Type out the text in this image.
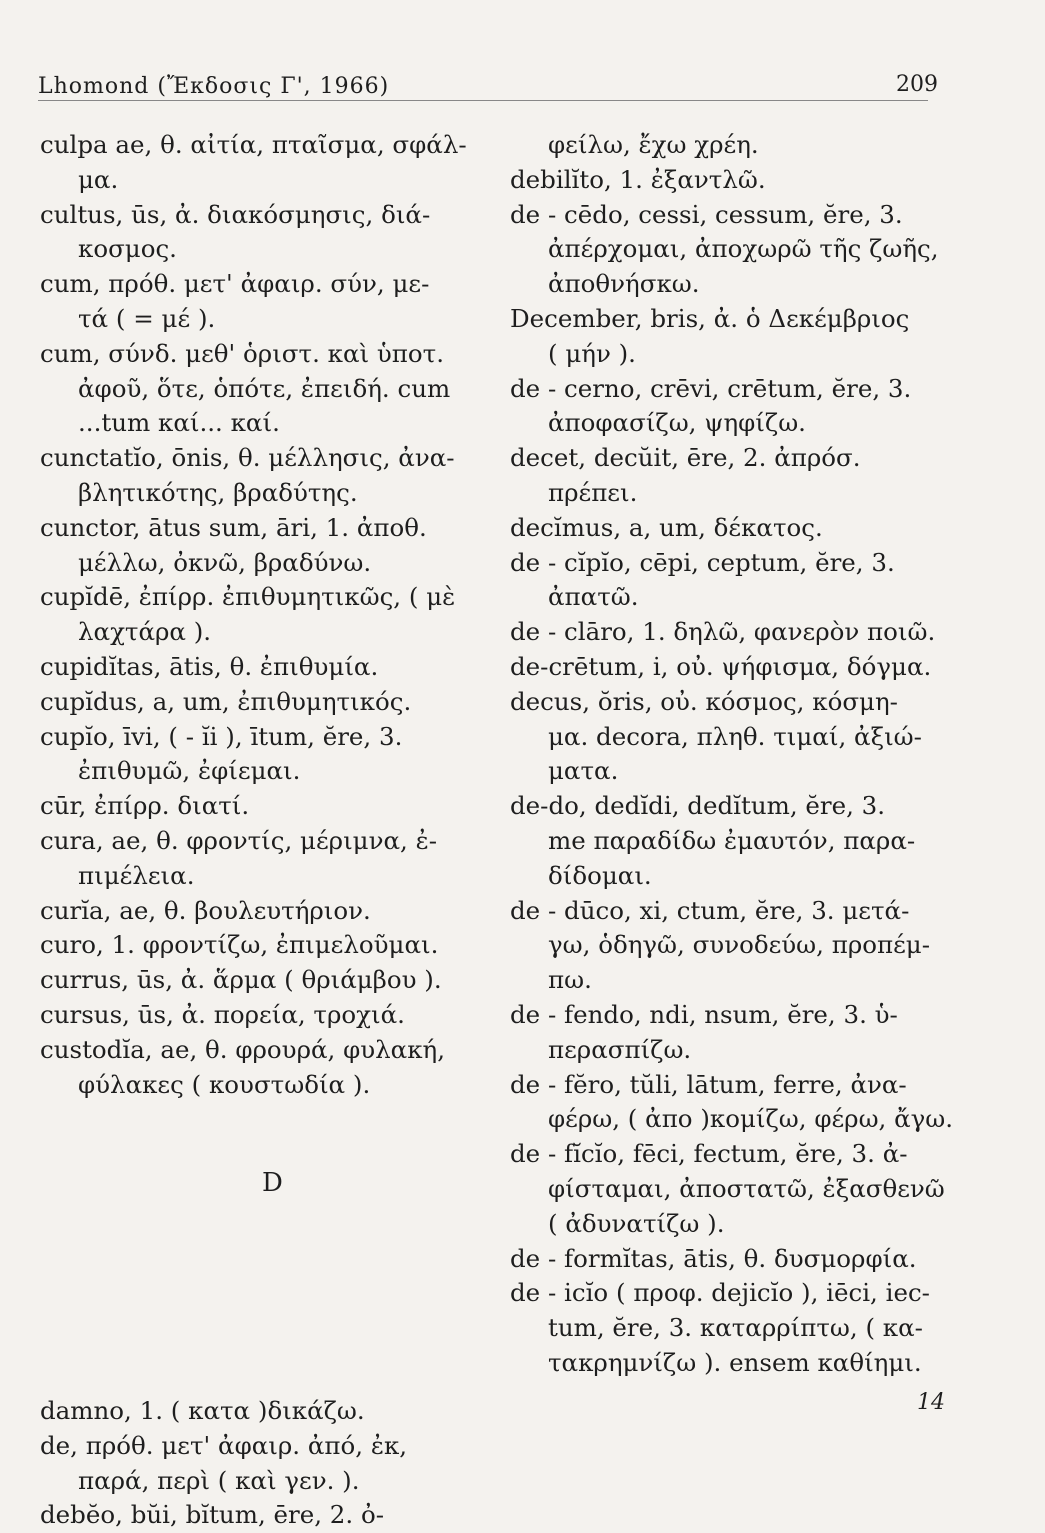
Lhomond (Ἔκδοσις Γ', 1966)	209
culpa ae, θ. αἰτία, πταῖσμα, σφάλ-
μα.
cultus, ūs, ἀ. διακόσμησις, διά-
κοσμος.
cum, πρόθ. μετ' ἀφαιρ. σύν, με-
τά ( = μέ ).
cum, σύνδ. μεθ' ὁριστ. καὶ ὑποτ.
ἀφοῦ, ὅτε, ὁπότε, ἐπειδή. cum
...tum καί... καί.
cunctatĭo, ōnis, θ. μέλλησις, ἀνα-
βλητικότης, βραδύτης.
cunctor, ātus sum, āri, 1. ἀποθ.
μέλλω, ὀκνῶ, βραδύνω.
cupĭdē, ἐπίρρ. ἐπιθυμητικῶς, ( μὲ
λαχτάρα ).
cupidĭtas, ātis, θ. ἐπιθυμία.
cupĭdus, a, um, ἐπιθυμητικός.
cupĭo, īvi, ( - ĭi ), ītum, ĕre, 3.
ἐπιθυμῶ, ἐφίεμαι.
cūr, ἐπίρρ. διατί.
cura, ae, θ. φροντίς, μέριμνα, ἐ-
πιμέλεια.
curĭa, ae, θ. βουλευτήριον.
curo, 1. φροντίζω, ἐπιμελοῦμαι.
currus, ūs, ἀ. ἅρμα ( θριάμβου ).
cursus, ūs, ἀ. πορεία, τροχιά.
custodĭa, ae, θ. φρουρά, φυλακή,
φύλακες ( κουστωδία ).
D
damno, 1. ( κατα )δικάζω.
de, πρόθ. μετ' ἀφαιρ. ἀπό, ἐκ,
παρά, περὶ ( καὶ γεν. ).
debĕo, bŭi, bĭtum, ēre, 2. ὀ-
φείλω, ἔχω χρέη.
debilĭto, 1. ἐξαντλῶ.
de - cēdo, cessi, cessum, ĕre, 3.
ἀπέρχομαι, ἀποχωρῶ τῆς ζωῆς,
ἀποθνήσκω.
December, bris, ἀ. ὁ Δεκέμβριος
( μήν ).
de - cerno, crēvi, crētum, ĕre, 3.
ἀποφασίζω, ψηφίζω.
decet, decŭit, ēre, 2. ἀπρόσ.
πρέπει.
decĭmus, a, um, δέκατος.
de - cĭpĭo, cēpi, ceptum, ĕre, 3.
ἀπατῶ.
de - clāro, 1. δηλῶ, φανερὸν ποιῶ.
de-crētum, i, οὐ. ψήφισμα, δόγμα.
decus, ŏris, οὐ. κόσμος, κόσμη-
μα. decora, πληθ. τιμαί, ἀξιώ-
ματα.
de-do, dedĭdi, dedĭtum, ĕre, 3.
me παραδίδω ἐμαυτόν, παρα-
δίδομαι.
de - dūco, xi, ctum, ĕre, 3. μετά-
γω, ὁδηγῶ, συνοδεύω, προπέμ-
πω.
de - fendo, ndi, nsum, ĕre, 3. ὑ-
περασπίζω.
de - fĕro, tŭli, lātum, ferre, ἀνα-
φέρω, ( ἀπο )κομίζω, φέρω, ἄγω.
de - fĭcĭo, fēci, fectum, ĕre, 3. ἀ-
φίσταμαι, ἀποστατῶ, ἐξασθενῶ
( ἀδυνατίζω ).
de - formĭtas, ātis, θ. δυσμορφία.
de - icĭo ( προφ. dejicĭo ), iēci, iec-
tum, ĕre, 3. καταρρίπτω, ( κα-
τακρημνίζω ). ensem καθίημι.
14
